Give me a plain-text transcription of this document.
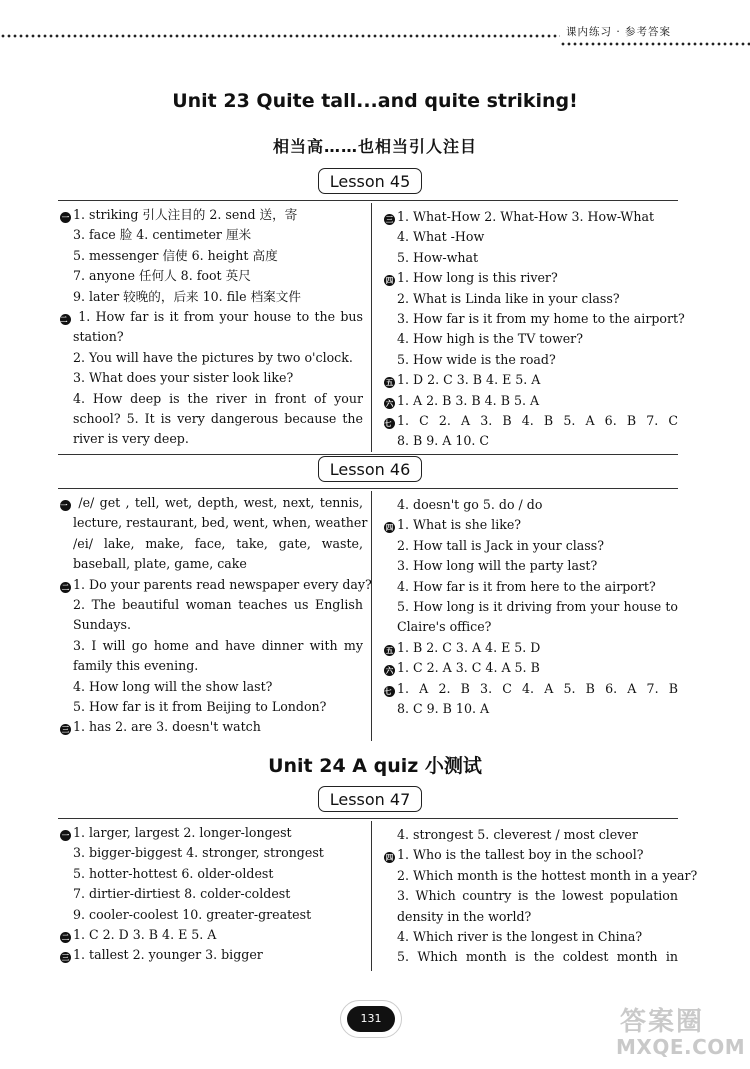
课内练习 · 参考答案
Unit 23 Quite tall...and quite striking!
相当高……也相当引人注目
Lesson 45
一 1. striking 引人注目的 2. send 送，寄
3. face 脸 4. centimeter 厘米
5. messenger 信使 6. height 高度
7. anyone 任何人 8. foot 英尺
9. later 较晚的，后来 10. file 档案文件
二 1. How far is it from your house to the bus
station?
2. You will have the pictures by two o'clock.
3. What does your sister look like?
4. How deep is the river in front of your
school? 5. It is very dangerous because the
river is very deep.
三 1. What-How 2. What-How 3. How-What
4. What -How
5. How-what
四 1. How long is this river?
2. What is Linda like in your class?
3. How far is it from my home to the airport?
4. How high is the TV tower?
5. How wide is the road?
五 1. D 2. C 3. B 4. E 5. A
六 1. A 2. B 3. B 4. B 5. A
七 1. C 2. A 3. B 4. B 5. A 6. B 7. C
8. B 9. A 10. C
Lesson 46
一 /e/ get , tell, wet, depth, west, next, tennis,
lecture, restaurant, bed, went, when, weather
/ei/ lake, make, face, take, gate, waste,
baseball, plate, game, cake
二 1. Do your parents read newspaper every day?
2. The beautiful woman teaches us English
Sundays.
3. I will go home and have dinner with my
family this evening.
4. How long will the show last?
5. How far is it from Beijing to London?
三 1. has 2. are 3. doesn't watch
4. doesn't go 5. do / do
四 1. What is she like?
2. How tall is Jack in your class?
3. How long will the party last?
4. How far is it from here to the airport?
5. How long is it driving from your house to
Claire's office?
五 1. B 2. C 3. A 4. E 5. D
六 1. C 2. A 3. C 4. A 5. B
七 1. A 2. B 3. C 4. A 5. B 6. A 7. B
8. C 9. B 10. A
Unit 24 A quiz 小测试
Lesson 47
一 1. larger, largest 2. longer-longest
3. bigger-biggest 4. stronger, strongest
5. hotter-hottest 6. older-oldest
7. dirtier-dirtiest 8. colder-coldest
9. cooler-coolest 10. greater-greatest
二 1. C 2. D 3. B 4. E 5. A
三 1. tallest 2. younger 3. bigger
4. strongest 5. cleverest / most clever
四 1. Who is the tallest boy in the school?
2. Which month is the hottest month in a year?
3. Which country is the lowest population
density in the world?
4. Which river is the longest in China?
5. Which month is the coldest month in
131	答案圈
MXQE.COM
